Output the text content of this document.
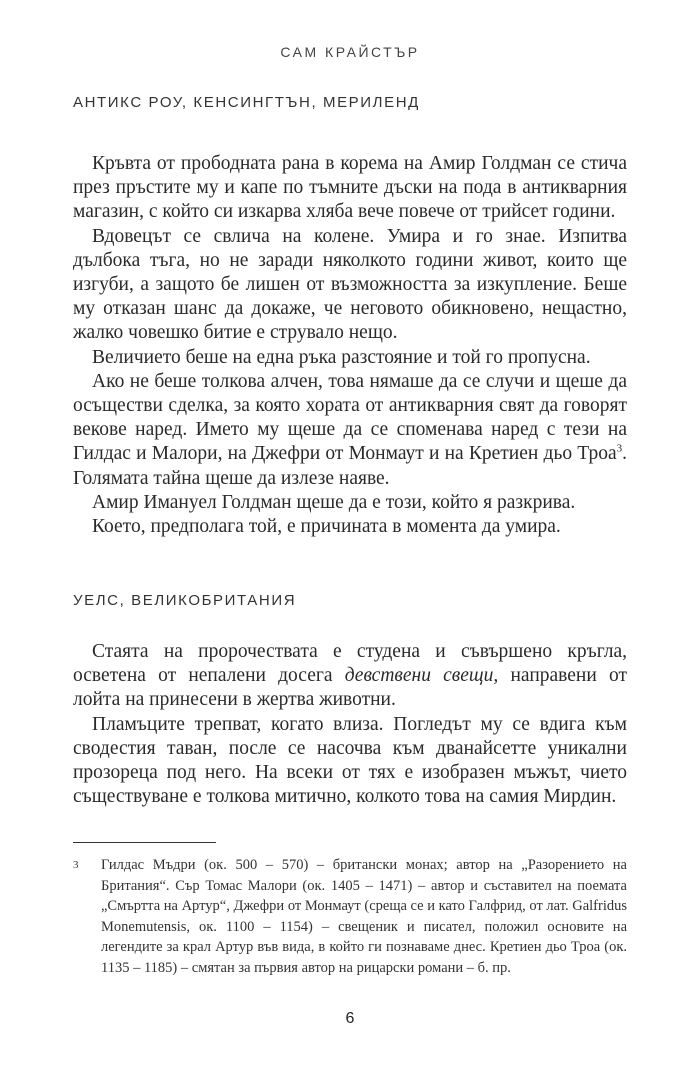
САМ КРАЙСТЪР
АНТИКС РОУ, КЕНСИНГТЪН, МЕРИЛЕНД

Кръвта от прободната рана в корема на Амир Голдман се стича през пръстите му и капе по тъмните дъски на пода в антикварния магазин, с който си изкарва хляба вече повече от трийсет години.

Вдовецът се свлича на колене. Умира и го знае. Изпитва дълбока тъга, но не заради няколкото години живот, които ще изгуби, а защото бе лишен от възможността за изкупление. Беше му отказан шанс да докаже, че неговото обикновено, нещастно, жалко човешко битие е струвало нещо.

Величието беше на една ръка разстояние и той го пропусна.

Ако не беше толкова алчен, това нямаше да се случи и щеше да осъществи сделка, за която хората от антикварния свят да говорят векове наред. Името му щеше да се споменава наред с тези на Гилдас и Малори, на Джефри от Монмаут и на Кретиен дьо Троа$^3$. Голямата тайна щеше да излезе наяве.

Амир Имануел Голдман щеше да е този, който я разкрива.

Което, предполага той, е причината в момента да умира.

УЕЛС, ВЕЛИКОБРИТАНИЯ

Стаята на пророчествата е студена и съвършено кръгла, осветена от непалени досега девствени свещи, направени от лойта на принесени в жертва животни.

Пламъците трепват, когато влиза. Погледът му се вдига към сводестия таван, после се насочва към дванайсетте уникални прозореца под него. На всеки от тях е изобразен мъжът, чието съществуване е толкова митично, колкото това на самия Мирдин.

3 Гилдас Мъдри (ок. 500 – 570) – британски монах; автор на „Разорението на Британия“. Сър Томас Малори (ок. 1405 – 1471) – автор и съставител на поемата „Смъртта на Артур“, Джефри от Монмаут (среща се и като Галфрид, от лат. Galfridus Monemutensis, ок. 1100 – 1154) – свещеник и писател, положил основите на легендите за крал Артур във вида, в който ги познаваме днес. Кретиен дьо Троа (ок. 1135 – 1185) – смятан за първия автор на рицарски романи – б. пр.
6
